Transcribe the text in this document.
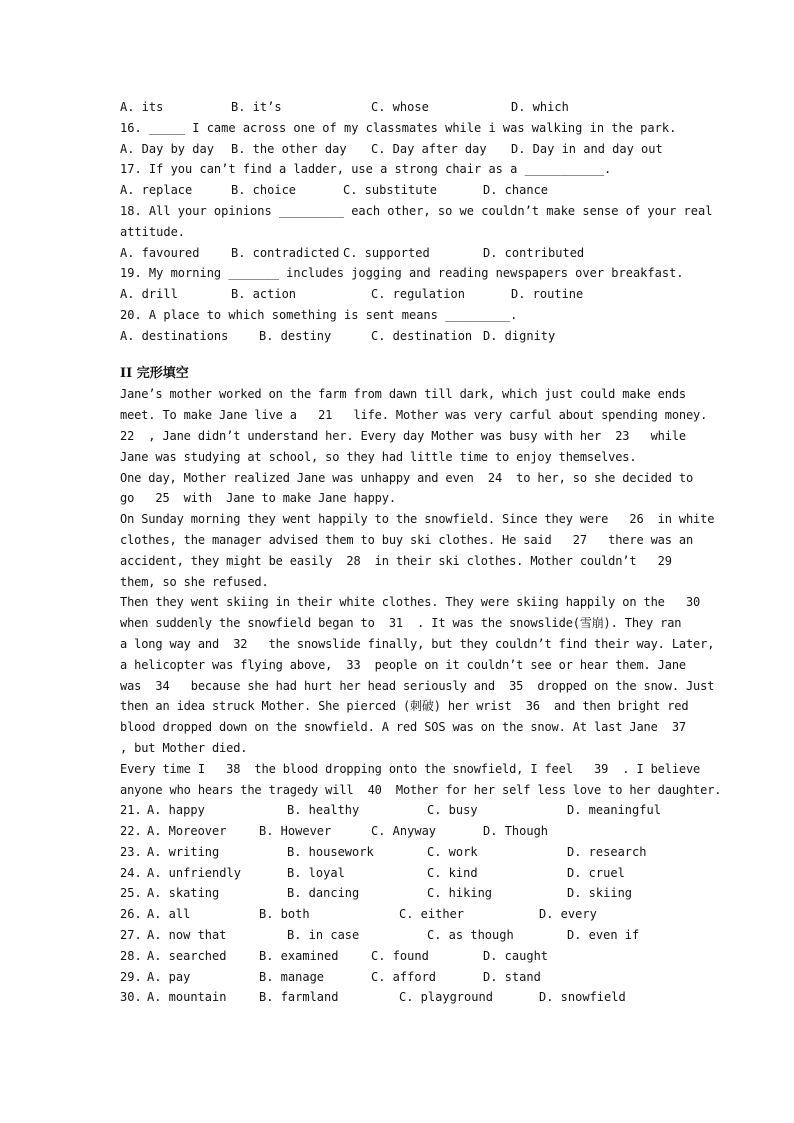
A. its	B. it’s	C. whose	D. which
16. _____ I came across one of my classmates while i was walking in the park.
A. Day by day B. the other day C. Day after day D. Day in and day out
17. If you can’t find a ladder, use a strong chair as a ___________.
A. replace	B. choice	C. substitute	D. chance
18. All your opinions _________ each other, so we couldn’t make sense of your real
attitude.
A. favoured	B. contradicted C. supported	D. contributed
19. My morning _______ includes jogging and reading newspapers over breakfast.
A. drill	B. action	C. regulation	D. routine
20. A place to which something is sent means _________.
A. destinations	B. destiny	C. destination D. dignity
II 完形填空
Jane’s mother worked on the farm from dawn till dark, which just could make ends
meet. To make Jane live a   21   life. Mother was very carful about spending money.
22  , Jane didn’t understand her. Every day Mother was busy with her  23   while
Jane was studying at school, so they had little time to enjoy themselves.
One day, Mother realized Jane was unhappy and even  24  to her, so she decided to
go   25  with  Jane to make Jane happy.
On Sunday morning they went happily to the snowfield. Since they were   26  in white
clothes, the manager advised them to buy ski clothes. He said   27   there was an
accident, they might be easily  28  in their ski clothes. Mother couldn’t   29
them, so she refused.
Then they went skiing in their white clothes. They were skiing happily on the   30
when suddenly the snowfield began to  31  . It was the snowslide(雪崩). They ran
a long way and  32   the snowslide finally, but they couldn’t find their way. Later,
a helicopter was flying above,  33  people on it couldn’t see or hear them. Jane
was  34   because she had hurt her head seriously and  35  dropped on the snow. Just
then an idea struck Mother. She pierced (刺破) her wrist  36  and then bright red
blood dropped down on the snowfield. A red SOS was on the snow. At last Jane  37
, but Mother died.
Every time I   38  the blood dropping onto the snowfield, I feel   39  . I believe
anyone who hears the tragedy will  40  Mother for her self less love to her daughter.
21. A. happy	B. healthy	C. busy	D. meaningful
22. A. Moreover	B. However	C. Anyway	D. Though
23. A. writing	B. housework	C. work	D. research
24. A. unfriendly	B. loyal	C. kind	D. cruel
25. A. skating	B. dancing	C. hiking	D. skiing
26. A. all	B. both	C. either	D. every
27. A. now that	B. in case	C. as though	D. even if
28. A. searched	B. examined	C. found	D. caught
29. A. pay	B. manage	C. afford	D. stand
30. A. mountain	B. farmland	C. playground	D. snowfield
